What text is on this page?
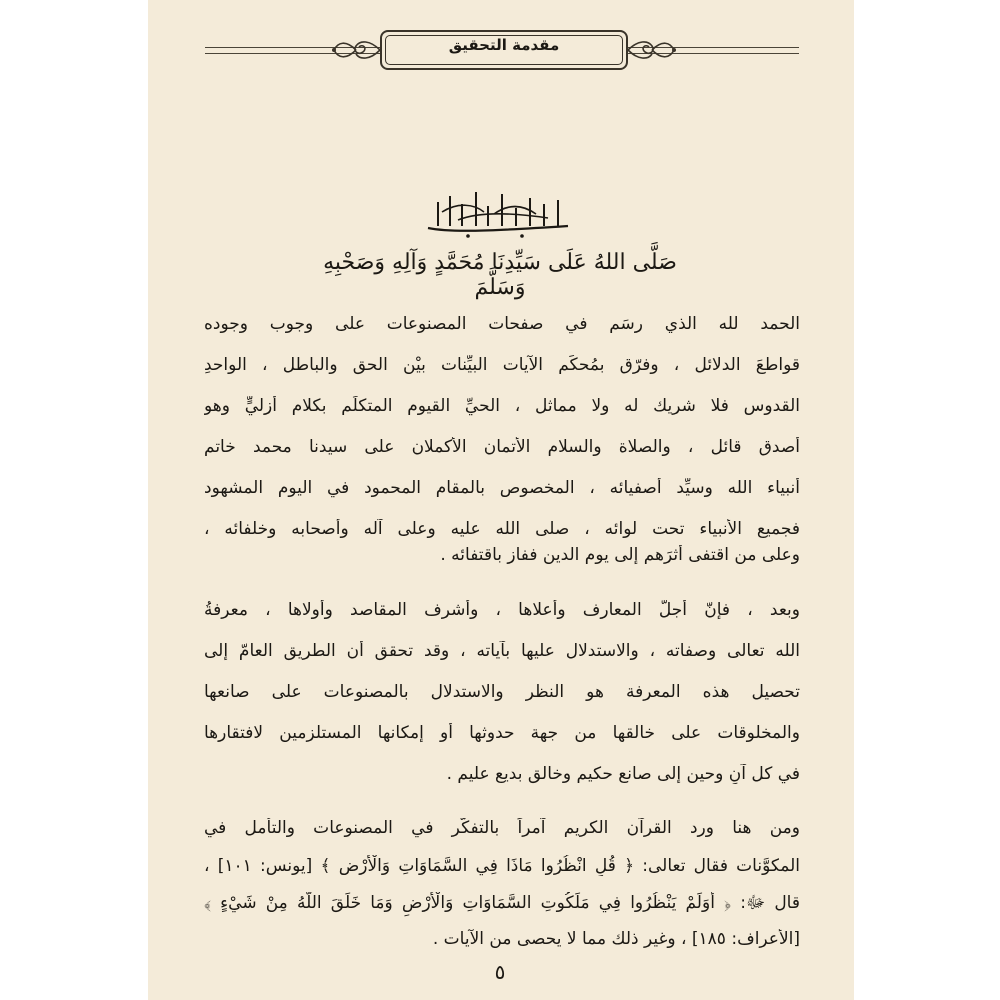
مقدمة التحقيق
صَلَّى اللهُ عَلَى سَيِّدِنَا مُحَمَّدٍ وَآلِهِ وَصَحْبِهِ وَسَلَّمَ
الحمد لله الذي رسَم في صفحات المصنوعات على وجوب وجوده
قواطعَ الدلائل ، وفرّق بمُحكَم الآيات البيِّنات بيْن الحق والباطل ، الواحدِ
القدوس فلا شريك له ولا مماثل ، الحيِّ القيومِ المتكلِّم بكلام أزليٍّ وهو
أصدق قائل ، والصلاة والسلام الأتمان الأكملان على سيدنا محمد خاتم
أنبياء الله وسيِّد أصفيائه ، المخصوص بالمقام المحمود في اليوم المشهود
فجميع الأنبياء تحت لوائه ، صلى الله عليه وعلى آله وأصحابه وخلفائه ،
وعلى من اقتفى أثرَهم إلى يوم الدين ففاز باقتفائه .
وبعد ، فإنّ أجلّ المعارف وأعلاها ، وأشرف المقاصد وأولاها ، معرفةُ
الله تعالى وصفاته ، والاستدلال عليها بآياته ، وقد تحقق أن الطريق العامّ إلى
تحصيل هذه المعرفة هو النظر والاستدلال بالمصنوعات على صانعها
والمخلوقات على خالقها من جهة حدوثها أو إمكانها المستلزمين لافتقارها
في كل آنٍ وحينٍ إلى صانع حكيم وخالقٍ بديع عليم .
ومن هنا ورد القرآن الكريم آمراً بالتفكّر في المصنوعات والتأمل في
المكوَّنات فقال تعالى: ﴿ قُلِ انْظُرُوا مَاذَا فِي السَّمَاوَاتِ وَالْأَرْضِ ﴾ [يونس: ١٠١] ،
قال ﷻ: ﴿ أَوَلَمْ يَنْظُرُوا فِي مَلَكُوتِ السَّمَاوَاتِ وَالْأَرْضِ وَمَا خَلَقَ اللَّهُ مِنْ شَيْءٍ ﴾
[الأعراف: ١٨٥] ، وغير ذلك مما لا يحصى من الآيات .
٥
